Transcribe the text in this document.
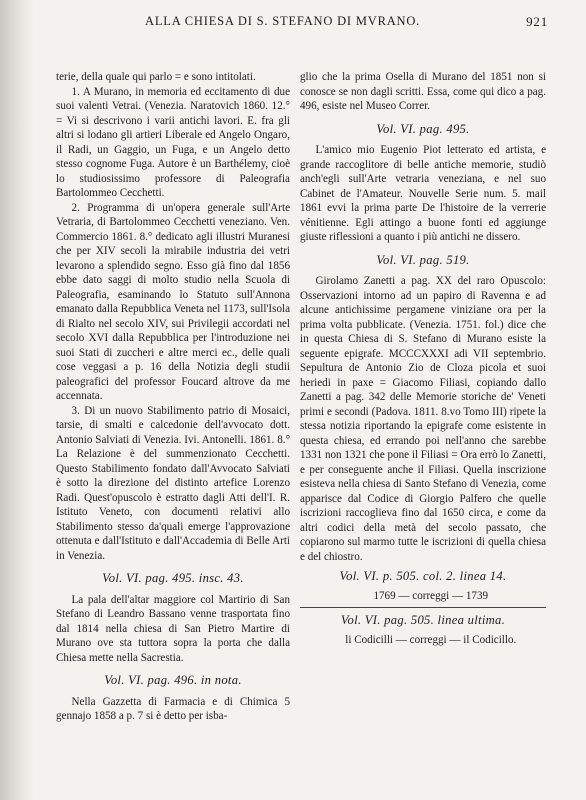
ALLA CHIESA DI S. STEFANO DI MVRANO.	921

terie, della quale qui parlo = e sono intitolati.

1. A Murano, in memoria ed eccitamento di due suoi valenti Vetrai. (Venezia. Naratovich 1860. 12.° = Vi si descrivono i varii antichi lavori. E. fra gli altri si lodano gli artieri Liberale ed Angelo Ongaro, il Radi, un Gaggio, un Fuga, e un Angelo detto stesso cognome Fuga. Autore è un Barthélemy, cioè lo studiosissimo professore di Paleografia Bartolommeo Cecchetti.

2. Programma di un'opera generale sull'Arte Vetraria, di Bartolommeo Cecchetti veneziano. Ven. Commercio 1861. 8.° dedicato agli illustri Muranesi che per XIV secoli la mirabile industria dei vetri levarono a splendido segno. Esso già fino dal 1856 ebbe dato saggi di molto studio nella Scuola di Paleografia, esaminando lo Statuto sull'Annona emanato dalla Repubblica Veneta nel 1173, sull'Isola di Rialto nel secolo XIV, sui Privilegii accordati nel secolo XVI dalla Repubblica per l'introduzione nei suoi Stati di zuccheri e altre merci ec., delle quali cose veggasi a p. 16 della Notizia degli studii paleografici del professor Foucard altrove da me accennata.

3. Di un nuovo Stabilimento patrio di Mosaici, tarsie, di smalti e calcedonie dell'avvocato dott. Antonio Salviati di Venezia. Ivi. Antonelli. 1861. 8.° La Relazione è del summenzionato Cecchetti. Questo Stabilimento fondato dall'Avvocato Salviati è sotto la direzione del distinto artefice Lorenzo Radi. Quest'opuscolo è estratto dagli Atti dell'I. R. Istituto Veneto, con documenti relativi allo Stabilimento stesso da'quali emerge l'approvazione ottenuta e dall'Istituto e dall'Accademia di Belle Arti in Venezia.

Vol. VI. pag. 495. insc. 43.

La pala dell'altar maggiore col Martirio di San Stefano di Leandro Bassano venne trasportata fino dal 1814 nella chiesa di San Pietro Martire di Murano ove sta tuttora sopra la porta che dalla Chiesa mette nella Sacrestia.

Vol. VI. pag. 496. in nota.

Nella Gazzetta di Farmacia e di Chimica 5 gennajo 1858 a p. 7 si è detto per isba-

glio che la prima Osella di Murano del 1851 non si conosce se non dagli scritti. Essa, come qui dico a pag. 496, esiste nel Museo Correr.

Vol. VI. pag. 495.

L'amico mio Eugenio Piot letterato ed artista, e grande raccoglitore di belle antiche memorie, studiò anch'egli sull'Arte vetraria veneziana, e nel suo Cabinet de l'Amateur. Nouvelle Serie num. 5. mail 1861 evvi la prima parte De l'histoire de la verrerie vénitienne. Egli attingo a buone fonti ed aggiunge giuste riflessioni a quanto i più antichi ne dissero.

Vol. VI. pag. 519.

Girolamo Zanetti a pag. XX del raro Opuscolo: Osservazioni intorno ad un papiro di Ravenna e ad alcune antichissime pergamene viniziane ora per la prima volta pubblicate. (Venezia. 1751. fol.) dice che in questa Chiesa di S. Stefano di Murano esiste la seguente epigrafe. MCCCXXXI adi VII septembrio. Sepultura de Antonio Zio de Cloza picola et suoi heriedi in paxe = Giacomo Filiasi, copiando dallo Zanetti a pag. 342 delle Memorie storiche de' Veneti primi e secondi (Padova. 1811. 8.vo Tomo III) ripete la stessa notizia riportando la epigrafe come esistente in questa chiesa, ed errando poi nell'anno che sarebbe 1331 non 1321 che pone il Filiasi = Ora errò lo Zanetti, e per conseguente anche il Filiasi. Quella inscrizione esisteva nella chiesa di Santo Stefano di Venezia, come apparisce dal Codice di Giorgio Palfero che quelle iscrizioni raccoglieva fino dal 1650 circa, e come da altri codici della metà del secolo passato, che copiarono sul marmo tutte le iscrizioni di quella chiesa e del chiostro.

Vol. VI. p. 505. col. 2. linea 14.

1769 — correggi — 1739

Vol. VI. pag. 505. linea ultima.

li Codicilli — correggi — il Codicillo.
